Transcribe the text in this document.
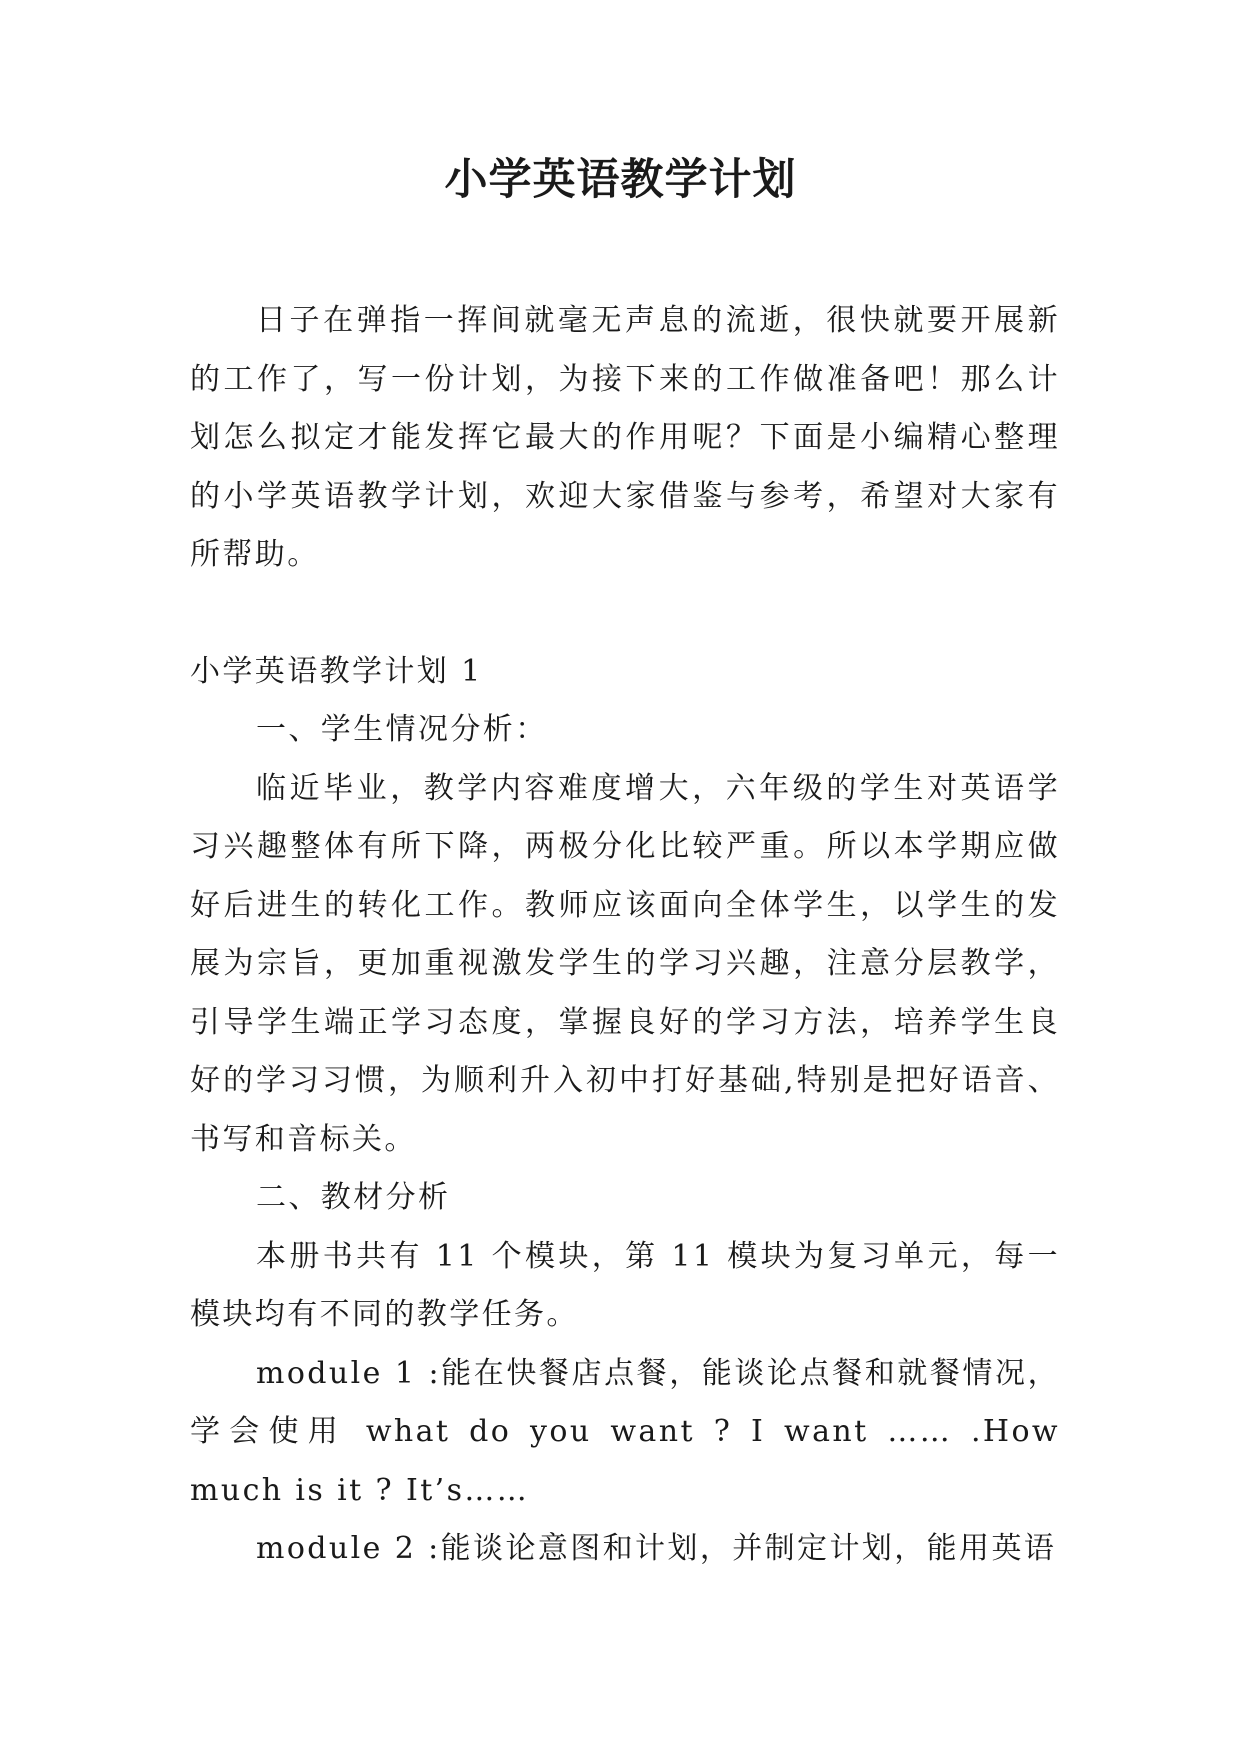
小学英语教学计划

日子在弹指一挥间就毫无声息的流逝，很快就要开展新的工作了，写一份计划，为接下来的工作做准备吧！那么计划怎么拟定才能发挥它最大的作用呢？下面是小编精心整理的小学英语教学计划，欢迎大家借鉴与参考，希望对大家有所帮助。

小学英语教学计划 1

一、学生情况分析：

临近毕业，教学内容难度增大，六年级的学生对英语学习兴趣整体有所下降，两极分化比较严重。所以本学期应做好后进生的转化工作。教师应该面向全体学生，以学生的发展为宗旨，更加重视激发学生的学习兴趣，注意分层教学，引导学生端正学习态度，掌握良好的学习方法，培养学生良好的学习习惯，为顺利升入初中打好基础,特别是把好语音、书写和音标关。

二、教材分析

本册书共有 11 个模块，第 11 模块为复习单元，每一模块均有不同的教学任务。

module 1 :能在快餐店点餐，能谈论点餐和就餐情况，学会使用 what do you want ? I want …… .How much is it ? It’s……

module 2 :能谈论意图和计划，并制定计划，能用英语
